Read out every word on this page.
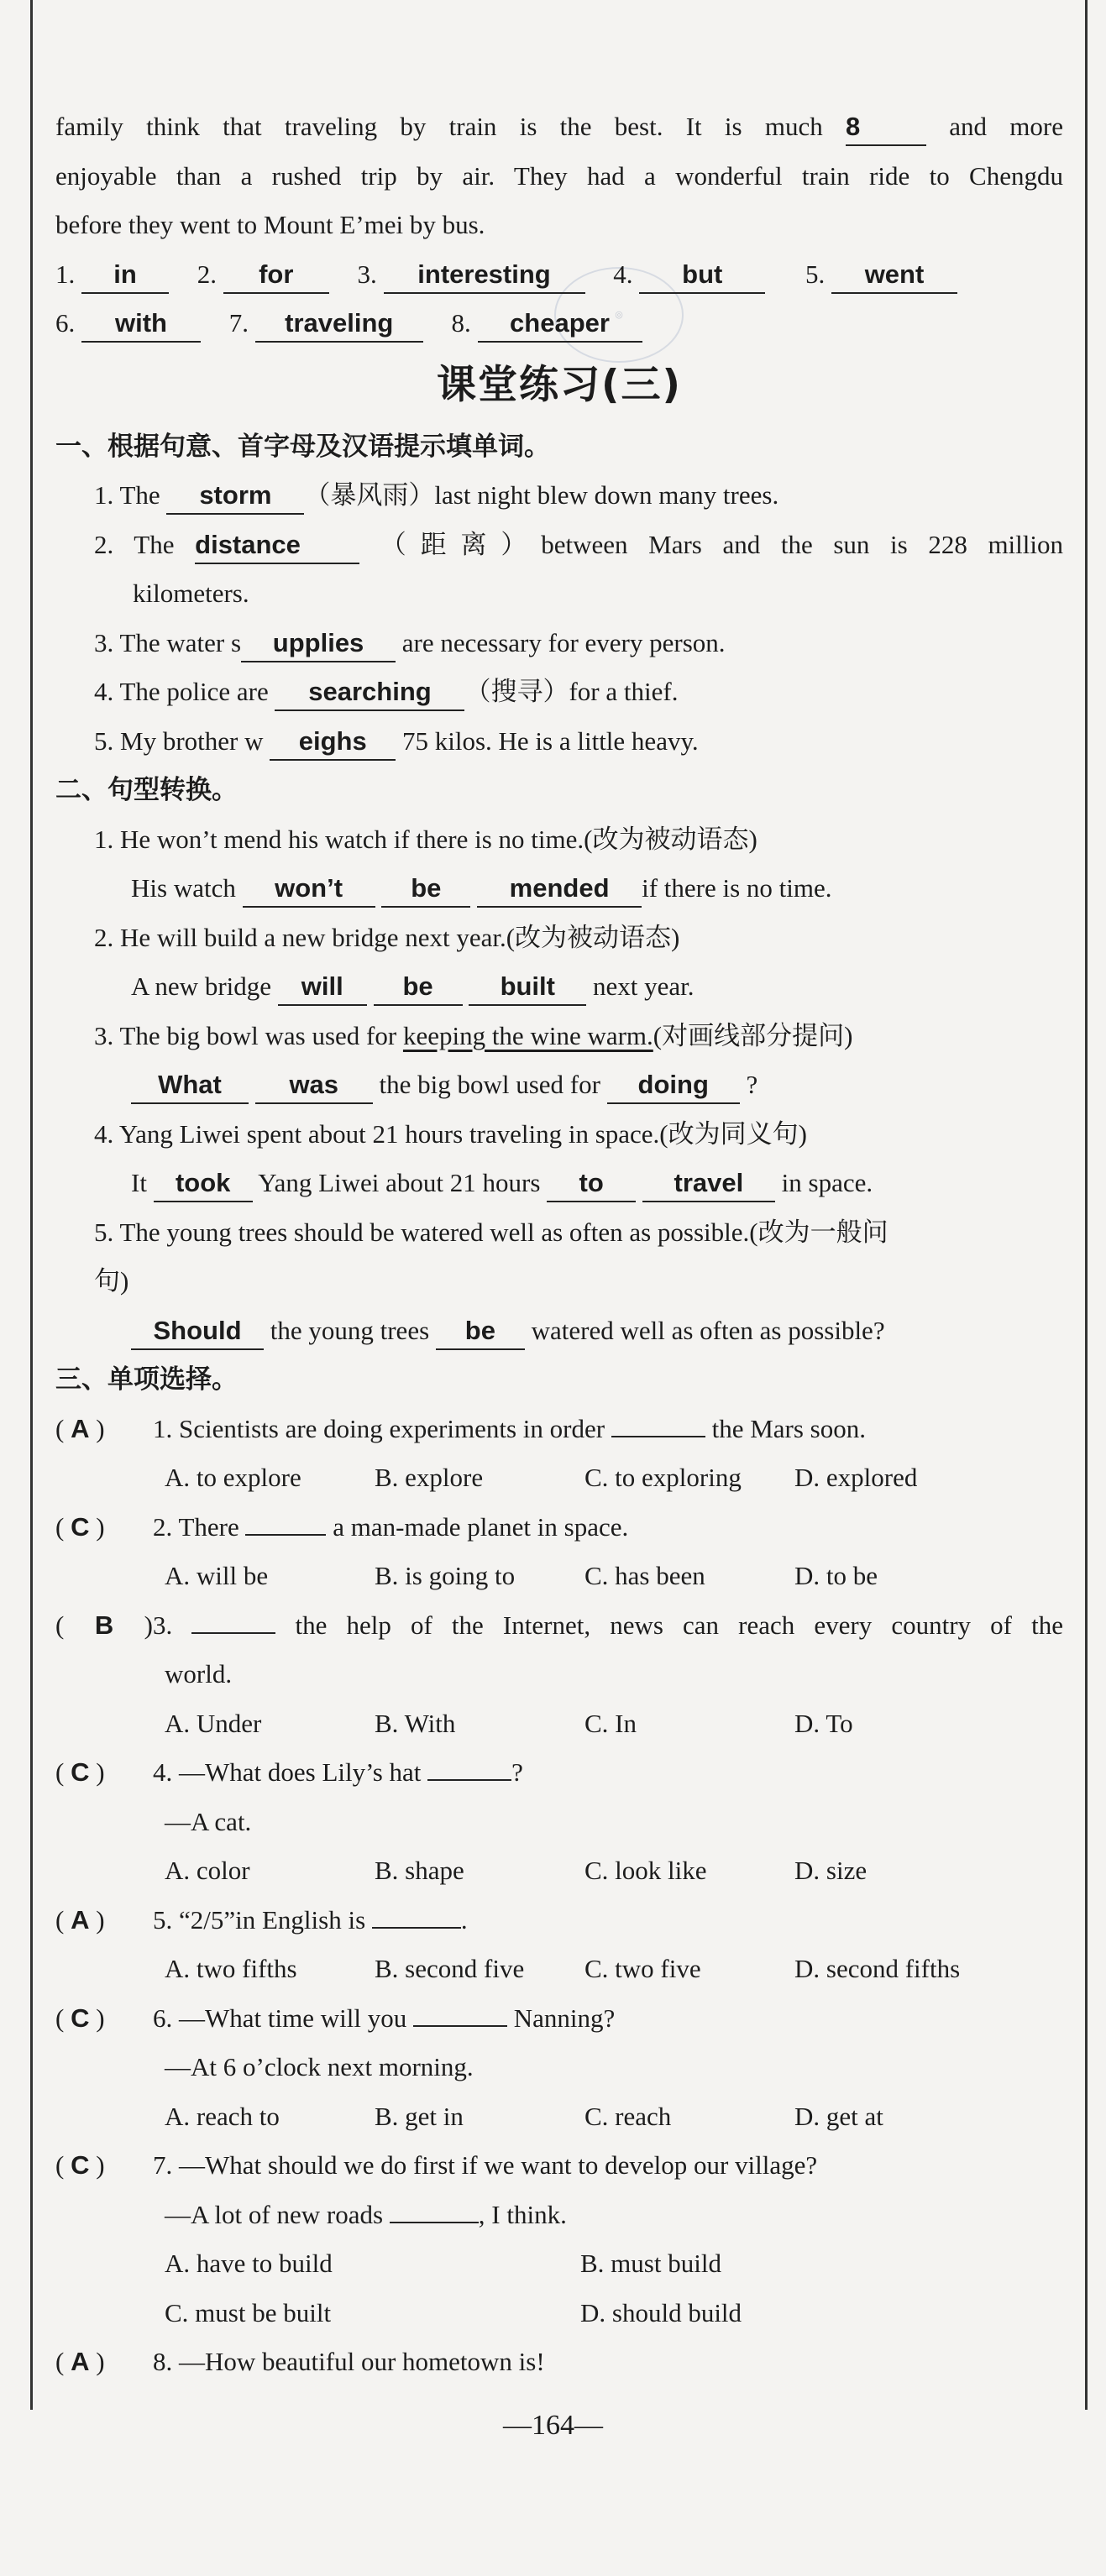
◎
family think that traveling by train is the best. It is much 8	and more
enjoyable than a rushed trip by air. They had a wonderful train ride to Chengdu
before they went to Mount E’mei by bus.
1. in 2. for 3. interesting 4. but	5. went
6. with 7. traveling 8. cheaper
课堂练习(三)
一、根据句意、首字母及汉语提示填单词。
1. The storm （暴风雨）last night blew down many trees.
2. The distance	（距离）between Mars and the sun is 228 million
kilometers.
3. The water s upplies are necessary for every person.
4. The police are searching （搜寻）for a thief.
5. My brother w eighs 75 kilos. He is a little heavy.
二、句型转换。
1. He won’t mend his watch if there is no time.(改为被动语态)
His watch won’t	be	mended if there is no time.
2. He will build a new bridge next year.(改为被动语态)
A new bridge will be	built next year.
3. The big bowl was used for keeping the wine warm.(对画线部分提问)
What	was the big bowl used for doing ?
4. Yang Liwei spent about 21 hours traveling in space.(改为同义句)
It took Yang Liwei about 21 hours to	travel in space.
5. The young trees should be watered well as often as possible.(改为一般问
句)
Should the young trees be watered well as often as possible?
三、单项选择。
( A ) 1. Scientists are doing experiments in order	the Mars soon.
A. to explore	B. explore	C. to exploring D. explored
( C ) 2. There	a man-made planet in space.
A. will be	B. is going to	C. has been	D. to be
( B )3.	the help of the Internet, news can reach every country of the
world.
A. Under	B. With	C. In	D. To
( C ) 4. —What does Lily’s hat	?
—A cat.
A. color	B. shape	C. look like	D. size
( A ) 5. “2/5”in English is	.
A. two fifths	B. second five C. two five	D. second fifths
( C ) 6. —What time will you	Nanning?
—At 6 o’clock next morning.
A. reach to	B. get in	C. reach	D. get at
( C ) 7. —What should we do first if we want to develop our village?
—A lot of new roads	, I think.
A. have to build	B. must build
C. must be built	D. should build
( A ) 8. —How beautiful our hometown is!
—164—
